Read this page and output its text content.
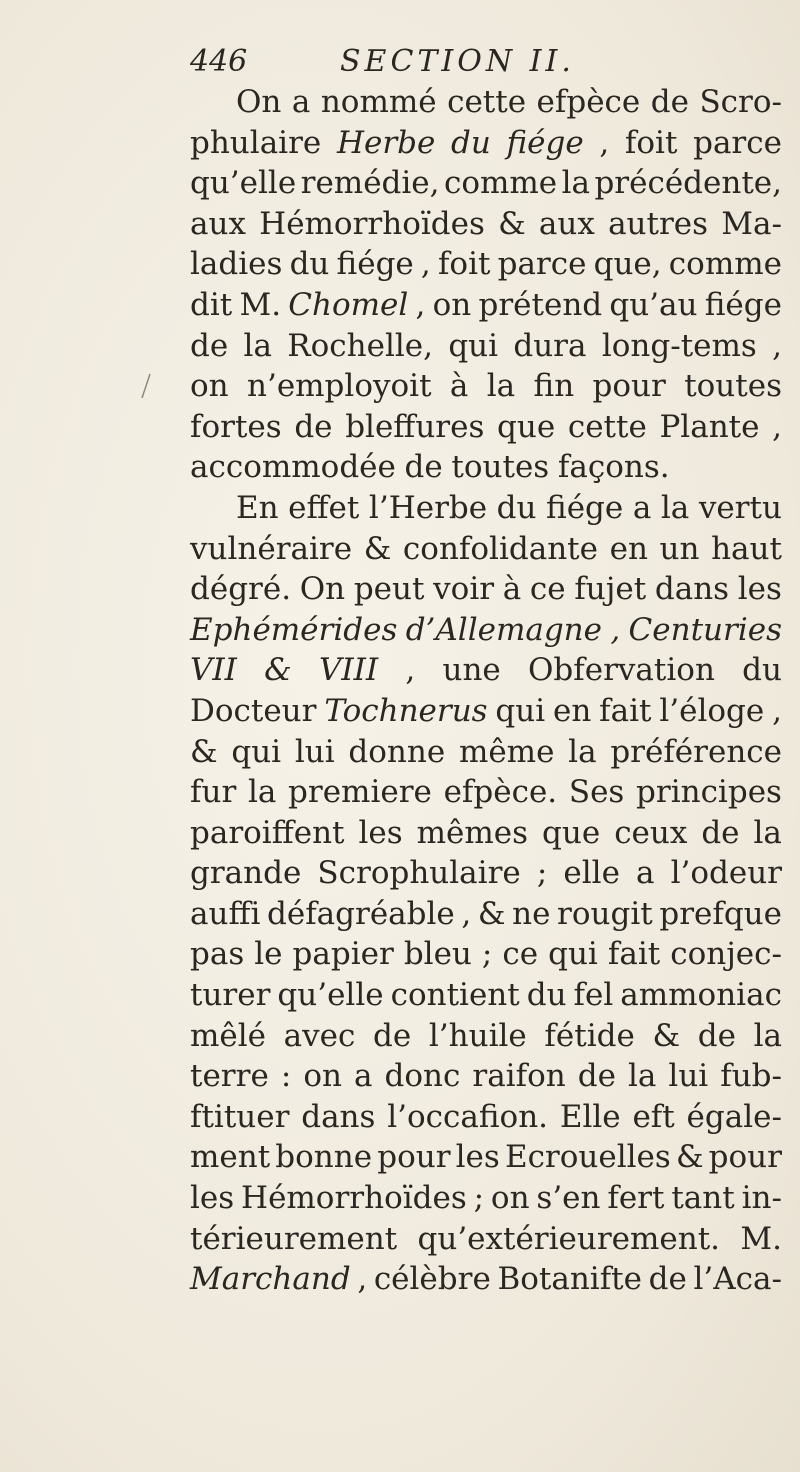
446	SECTION II.
On a nommé cette efpèce de Scro-
phulaire Herbe du fiége , foit parce
qu’elle remédie, comme la précédente,
aux Hémorrhoïdes & aux autres Ma-
ladies du fiége , foit parce que, comme
dit M. Chomel , on prétend qu’au fiége
de la Rochelle, qui dura long-tems ,
on n’employoit à la fin pour toutes
fortes de bleffures que cette Plante ,
accommodée de toutes façons.
En effet l’Herbe du fiége a la vertu
vulnéraire & confolidante en un haut
dégré. On peut voir à ce fujet dans les
Ephémérides d’Allemagne , Centuries
VII & VIII , une Obfervation du
Docteur Tochnerus qui en fait l’éloge ,
& qui lui donne même la préférence
fur la premiere efpèce. Ses principes
paroiffent les mêmes que ceux de la
grande Scrophulaire ; elle a l’odeur
auffi défagréable , & ne rougit prefque
pas le papier bleu ; ce qui fait conjec-
turer qu’elle contient du fel ammoniac
mêlé avec de l’huile fétide & de la
terre : on a donc raifon de la lui fub-
ftituer dans l’occafion. Elle eft égale-
ment bonne pour les Ecrouelles & pour
les Hémorrhoïdes ; on s’en fert tant in-
térieurement qu’extérieurement. M.
Marchand , célèbre Botanifte de l’Aca-
